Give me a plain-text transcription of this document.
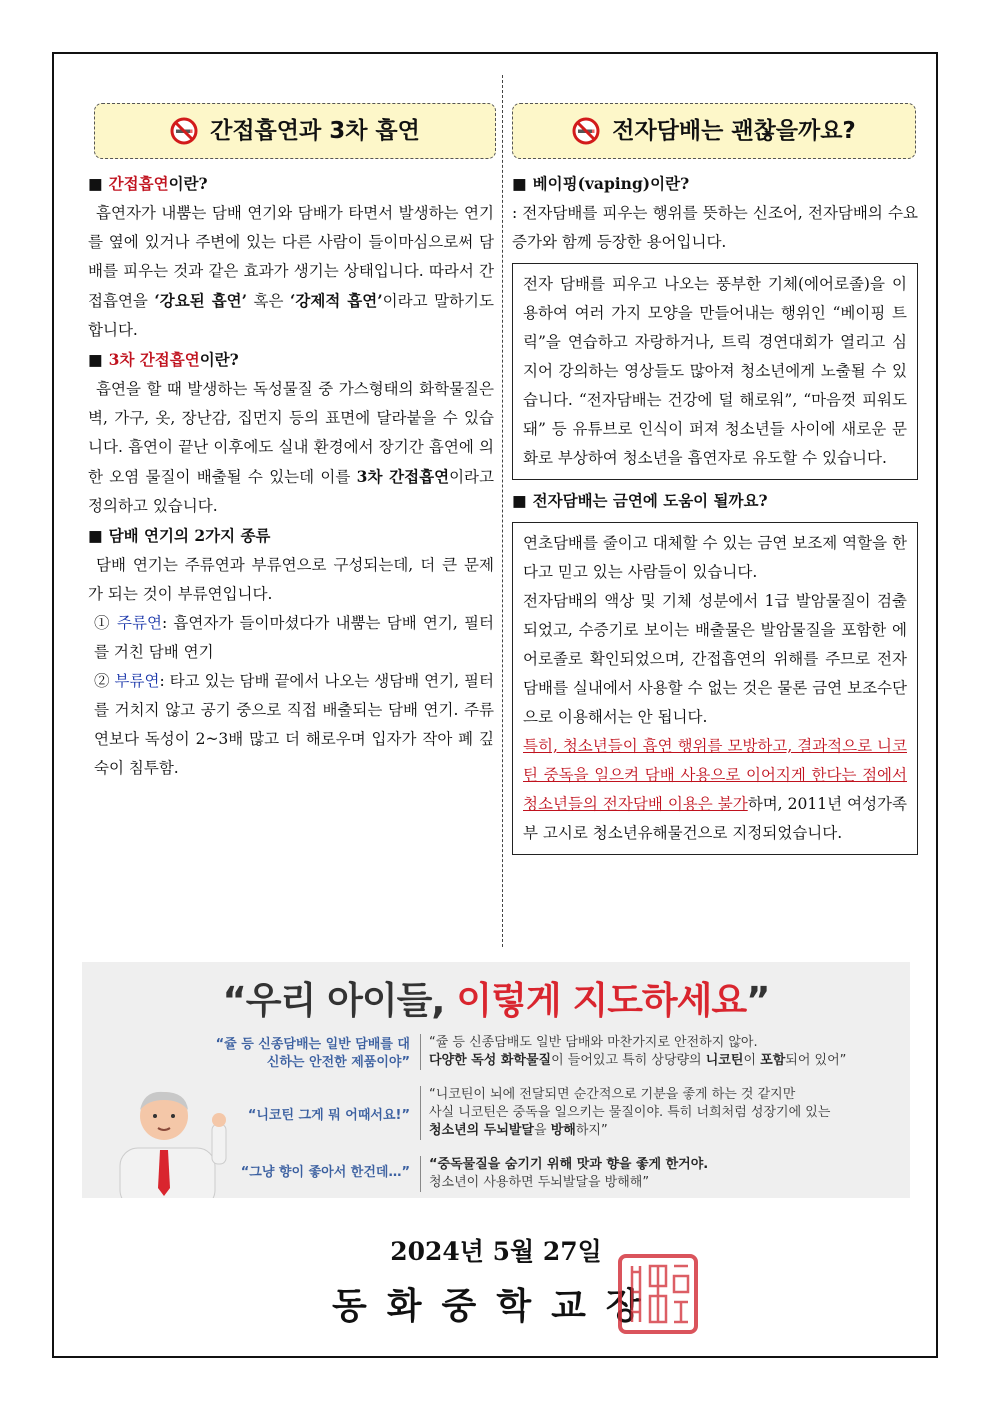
간접흡연과 3차 흡연
■ 간접흡연이란?

흡연자가 내뿜는 담배 연기와 담배가 타면서 발생하는 연기를 옆에 있거나 주변에 있는 다른 사람이 들이마심으로써 담배를 피우는 것과 같은 효과가 생기는 상태입니다. 따라서 간접흡연을 ‘강요된 흡연’ 혹은 ‘강제적 흡연’이라고 말하기도 합니다.

■ 3차 간접흡연이란?

흡연을 할 때 발생하는 독성물질 중 가스형태의 화학물질은 벽, 가구, 옷, 장난감, 집먼지 등의 표면에 달라붙을 수 있습니다. 흡연이 끝난 이후에도 실내 환경에서 장기간 흡연에 의한 오염 물질이 배출될 수 있는데 이를 3차 간접흡연이라고 정의하고 있습니다.

■ 담배 연기의 2가지 종류

담배 연기는 주류연과 부류연으로 구성되는데, 더 큰 문제가 되는 것이 부류연입니다.

① 주류연: 흡연자가 들이마셨다가 내뿜는 담배 연기, 필터를 거친 담배 연기

② 부류연: 타고 있는 담배 끝에서 나오는 생담배 연기, 필터를 거치지 않고 공기 중으로 직접 배출되는 담배 연기. 주류연보다 독성이 2~3배 많고 더 해로우며 입자가 작아 폐 깊숙이 침투함.

전자담배는 괜찮을까요?
■ 베이핑(vaping)이란?

: 전자담배를 피우는 행위를 뜻하는 신조어, 전자담배의 수요 증가와 함께 등장한 용어입니다.

전자 담배를 피우고 나오는 풍부한 기체(에어로졸)을 이용하여 여러 가지 모양을 만들어내는 행위인 “베이핑 트릭”을 연습하고 자랑하거나, 트릭 경연대회가 열리고 심지어 강의하는 영상들도 많아져 청소년에게 노출될 수 있습니다. “전자담배는 건강에 덜 해로워”, “마음껏 피워도 돼” 등 유튜브로 인식이 퍼져 청소년들 사이에 새로운 문화로 부상하여 청소년을 흡연자로 유도할 수 있습니다.
■ 전자담배는 금연에 도움이 될까요?

연초담배를 줄이고 대체할 수 있는 금연 보조제 역할을 한다고 믿고 있는 사람들이 있습니다.

전자담배의 액상 및 기체 성분에서 1급 발암물질이 검출되었고, 수증기로 보이는 배출물은 발암물질을 포함한 에어로졸로 확인되었으며, 간접흡연의 위해를 주므로 전자담배를 실내에서 사용할 수 없는 것은 물론 금연 보조수단으로 이용해서는 안 됩니다.

특히, 청소년들이 흡연 행위를 모방하고, 결과적으로 니코틴 중독을 일으켜 담배 사용으로 이어지게 한다는 점에서 청소년들의 전자담배 이용은 불가하며, 2011년 여성가족부 고시로 청소년유해물건으로 지정되었습니다.

“우리 아이들, 이렇게 지도하세요”
“쥴 등 신종담배는 일반 담배를 대신하는 안전한 제품이야”
“쥴 등 신종담배도 일반 담배와 마찬가지로 안전하지 않아.
다양한 독성 화학물질이 들어있고 특히 상당량의 니코틴이 포함되어 있어”
“니코틴 그게 뭐 어때서요!”
“니코틴이 뇌에 전달되면 순간적으로 기분을 좋게 하는 것 같지만
사실 니코틴은 중독을 일으키는 물질이야. 특히 너희처럼 성장기에 있는
청소년의 두뇌발달을 방해하지”
“그냥 향이 좋아서 한건데…”
“중독물질을 숨기기 위해 맛과 향을 좋게 한거야.
청소년이 사용하면 두뇌발달을 방해해”
2024년 5월 27일
동화중학교장
